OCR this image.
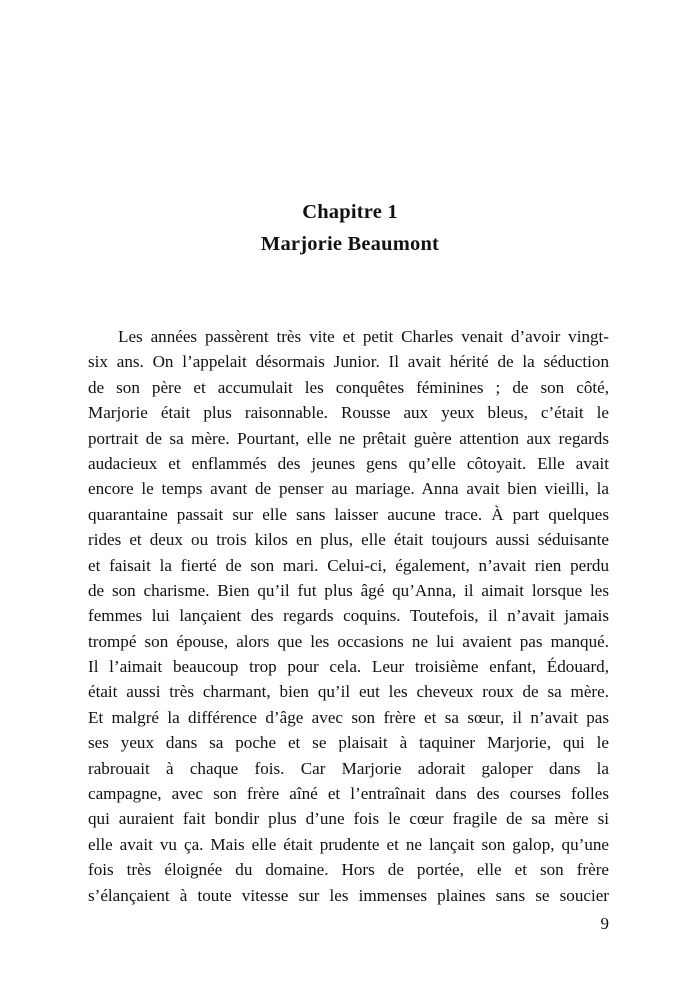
Chapitre 1
Marjorie Beaumont
Les années passèrent très vite et petit Charles venait d’avoir vingt-
six ans. On l’appelait désormais Junior. Il avait hérité de la séduction
de son père et accumulait les conquêtes féminines ; de son côté,
Marjorie était plus raisonnable. Rousse aux yeux bleus, c’était le
portrait de sa mère. Pourtant, elle ne prêtait guère attention aux regards
audacieux et enflammés des jeunes gens qu’elle côtoyait. Elle avait
encore le temps avant de penser au mariage. Anna avait bien vieilli, la
quarantaine passait sur elle sans laisser aucune trace. À part quelques
rides et deux ou trois kilos en plus, elle était toujours aussi séduisante
et faisait la fierté de son mari. Celui-ci, également, n’avait rien perdu
de son charisme. Bien qu’il fut plus âgé qu’Anna, il aimait lorsque les
femmes lui lançaient des regards coquins. Toutefois, il n’avait jamais
trompé son épouse, alors que les occasions ne lui avaient pas manqué.
Il l’aimait beaucoup trop pour cela. Leur troisième enfant, Édouard,
était aussi très charmant, bien qu’il eut les cheveux roux de sa mère.
Et malgré la différence d’âge avec son frère et sa sœur, il n’avait pas
ses yeux dans sa poche et se plaisait à taquiner Marjorie, qui le
rabrouait à chaque fois. Car Marjorie adorait galoper dans la
campagne, avec son frère aîné et l’entraînait dans des courses folles
qui auraient fait bondir plus d’une fois le cœur fragile de sa mère si
elle avait vu ça. Mais elle était prudente et ne lançait son galop, qu’une
fois très éloignée du domaine. Hors de portée, elle et son frère
s’élançaient à toute vitesse sur les immenses plaines sans se soucier
9
